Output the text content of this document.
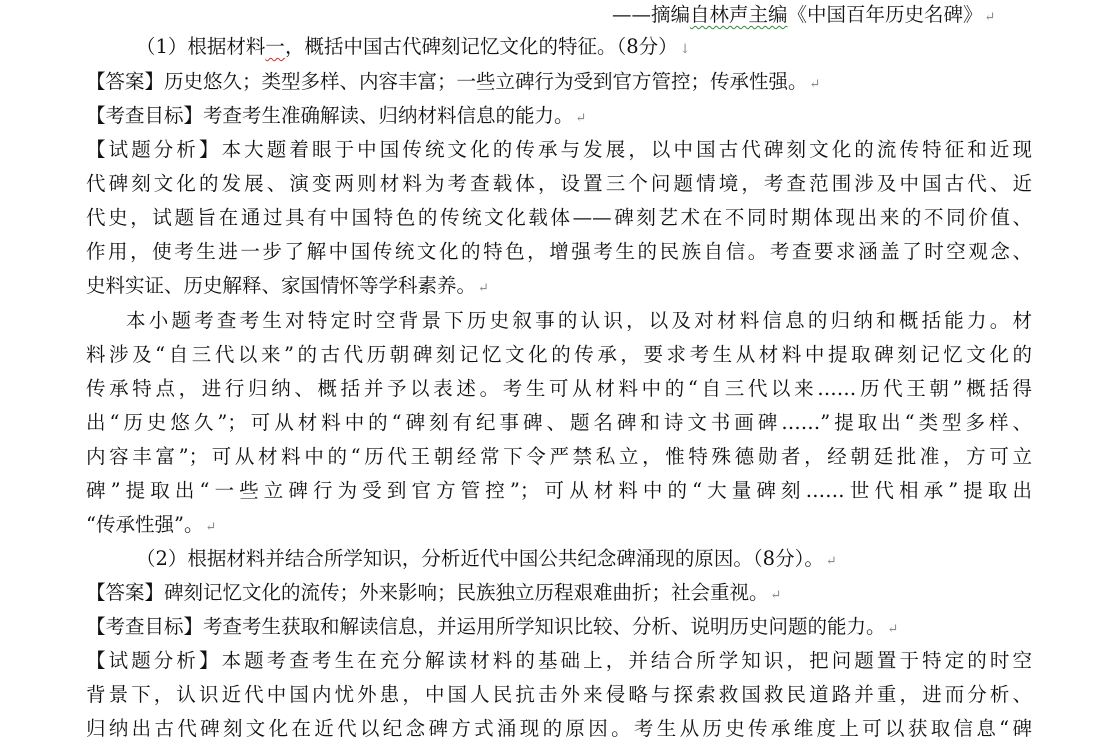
——摘编自林声主编《中国百年历史名碑》 ↵
（1）根据材料一，概括中国古代碑刻记忆文化的特征。（8分） ↓
【答案】历史悠久；类型多样、内容丰富；一些立碑行为受到官方管控；传承性强。 ↵
【考查目标】考查考生准确解读、归纳材料信息的能力。 ↵
【试题分析】本大题着眼于中国传统文化的传承与发展，以中国古代碑刻文化的流传特征和近现
代碑刻文化的发展、演变两则材料为考查载体，设置三个问题情境，考查范围涉及中国古代、近
代史，试题旨在通过具有中国特色的传统文化载体——碑刻艺术在不同时期体现出来的不同价值、
作用，使考生进一步了解中国传统文化的特色，增强考生的民族自信。考查要求涵盖了时空观念、
史料实证、历史解释、家国情怀等学科素养。 ↵
本小题考查考生对特定时空背景下历史叙事的认识，以及对材料信息的归纳和概括能力。材
料涉及“自三代以来”的古代历朝碑刻记忆文化的传承，要求考生从材料中提取碑刻记忆文化的
传承特点，进行归纳、概括并予以表述。考生可从材料中的“自三代以来……历代王朝”概括得
出“历史悠久”；可从材料中的“碑刻有纪事碑、题名碑和诗文书画碑……”提取出“类型多样、
内容丰富”；可从材料中的“历代王朝经常下令严禁私立，惟特殊德勋者，经朝廷批准，方可立
碑”提取出“一些立碑行为受到官方管控”；可从材料中的“大量碑刻……世代相承”提取出
“传承性强”。 ↵
（2）根据材料并结合所学知识，分析近代中国公共纪念碑涌现的原因。（8分）。 ↵
【答案】碑刻记忆文化的流传；外来影响；民族独立历程艰难曲折；社会重视。 ↵
【考查目标】考查考生获取和解读信息，并运用所学知识比较、分析、说明历史问题的能力。 ↵
【试题分析】本题考查考生在充分解读材料的基础上，并结合所学知识，把问题置于特定的时空
背景下，认识近代中国内忧外患，中国人民抗击外来侵略与探索救国救民道路并重，进而分析、
归纳出古代碑刻文化在近代以纪念碑方式涌现的原因。考生从历史传承维度上可以获取信息“碑
